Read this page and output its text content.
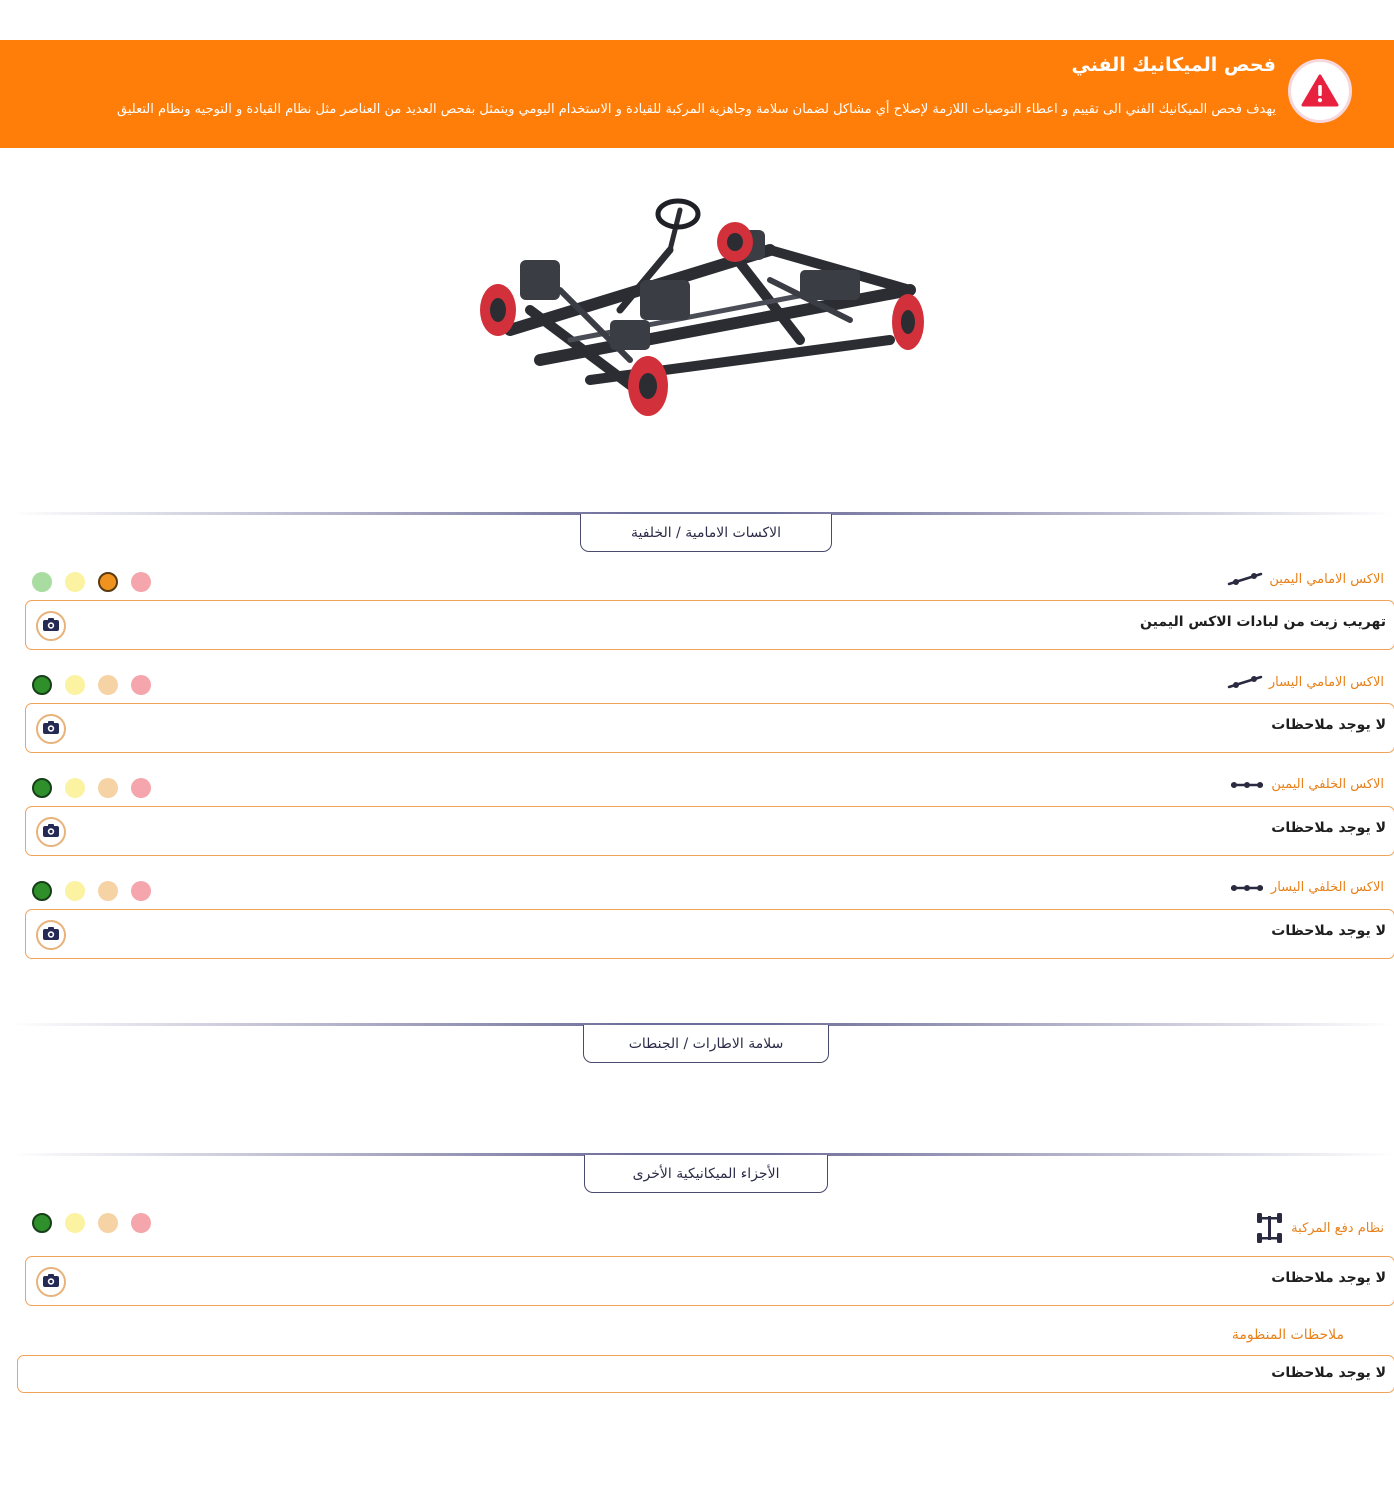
فحص الميكانيك الفني
يهدف فحص الميكانيك الفني الى تقييم و اعطاء التوصيات اللازمة لإصلاح أي مشاكل لضمان سلامة وجاهزية المركبة للقيادة و الاستخدام اليومي ويتمثل بفحص العديد من العناصر مثل نظام القيادة و التوجيه ونظام التعليق
الاكسات الامامية / الخلفية
الاكس الامامي اليمين
تهريب زيت من لبادات الاكس اليمين
الاكس الامامي اليسار
لا يوجد ملاحظات
الاكس الخلفي اليمين
لا يوجد ملاحظات
الاكس الخلفي اليسار
لا يوجد ملاحظات
سلامة الاطارات / الجنطات
الأجزاء الميكانيكية الأخرى
نظام دفع المركبة
لا يوجد ملاحظات
ملاحظات المنظومة
لا يوجد ملاحظات
